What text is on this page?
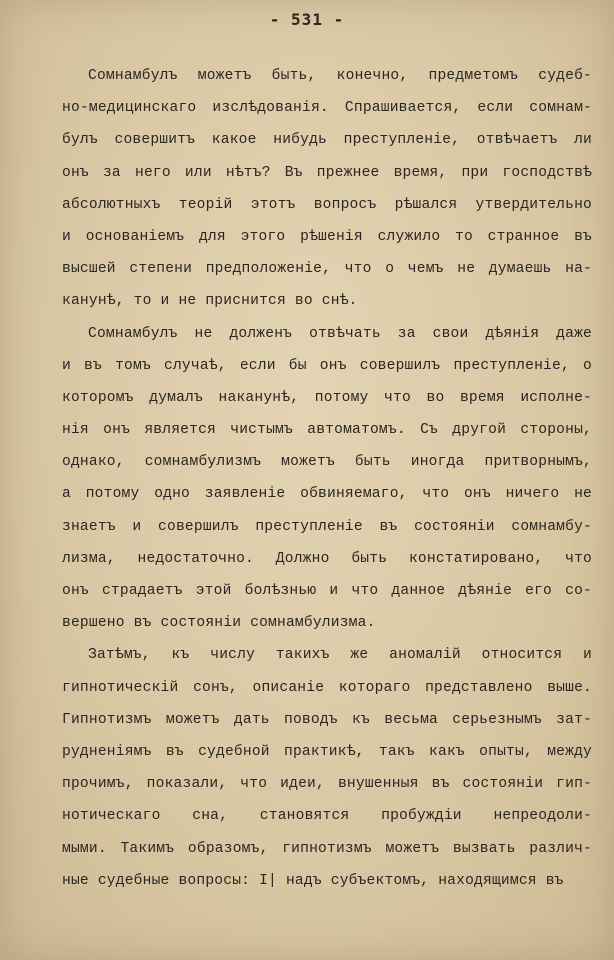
- 531 -
Сомнамбулъ можетъ быть, конечно, предметомъ судеб-
но-медицинскаго изслѣдованія. Спрашивается, если сомнам-
булъ совершитъ какое нибудь преступленіе, отвѣчаетъ ли
онъ за него или нѣтъ? Въ прежнее время, при господствѣ
абсолютныхъ теорій этотъ вопросъ рѣшался утвердительно
и основаніемъ для этого рѣшенія служило то странное въ
высшей степени предположеніе, что о чемъ не думаешь на-
канунѣ, то и не приснится во снѣ.
Сомнамбулъ не долженъ отвѣчать за свои дѣянія даже
и въ томъ случаѣ, если бы онъ совершилъ преступленіе, о
которомъ думалъ наканунѣ, потому что во время исполне-
нія онъ является чистымъ автоматомъ. Съ другой стороны,
однако, сомнамбулизмъ можетъ быть иногда притворнымъ,
а потому одно заявленіе обвиняемаго, что онъ ничего не
знаетъ и совершилъ преступленіе въ состояніи сомнамбу-
лизма, недостаточно. Должно быть констатировано, что
онъ страдаетъ этой болѣзнью и что данное дѣяніе его со-
вершено въ состояніи сомнамбулизма.
Затѣмъ, къ числу такихъ же аномалій относится и
гипнотическій сонъ, описаніе котораго представлено выше.
Гипнотизмъ можетъ дать поводъ къ весьма серьезнымъ зат-
рудненіямъ въ судебной практикѣ, такъ какъ опыты, между
прочимъ, показали, что идеи, внушенныя въ состояніи гип-
нотическаго сна, становятся пробуждіи непреодоли-
мыми. Такимъ образомъ, гипнотизмъ можетъ вызвать различ-
ные судебные вопросы: I| надъ субъектомъ, находящимся въ
